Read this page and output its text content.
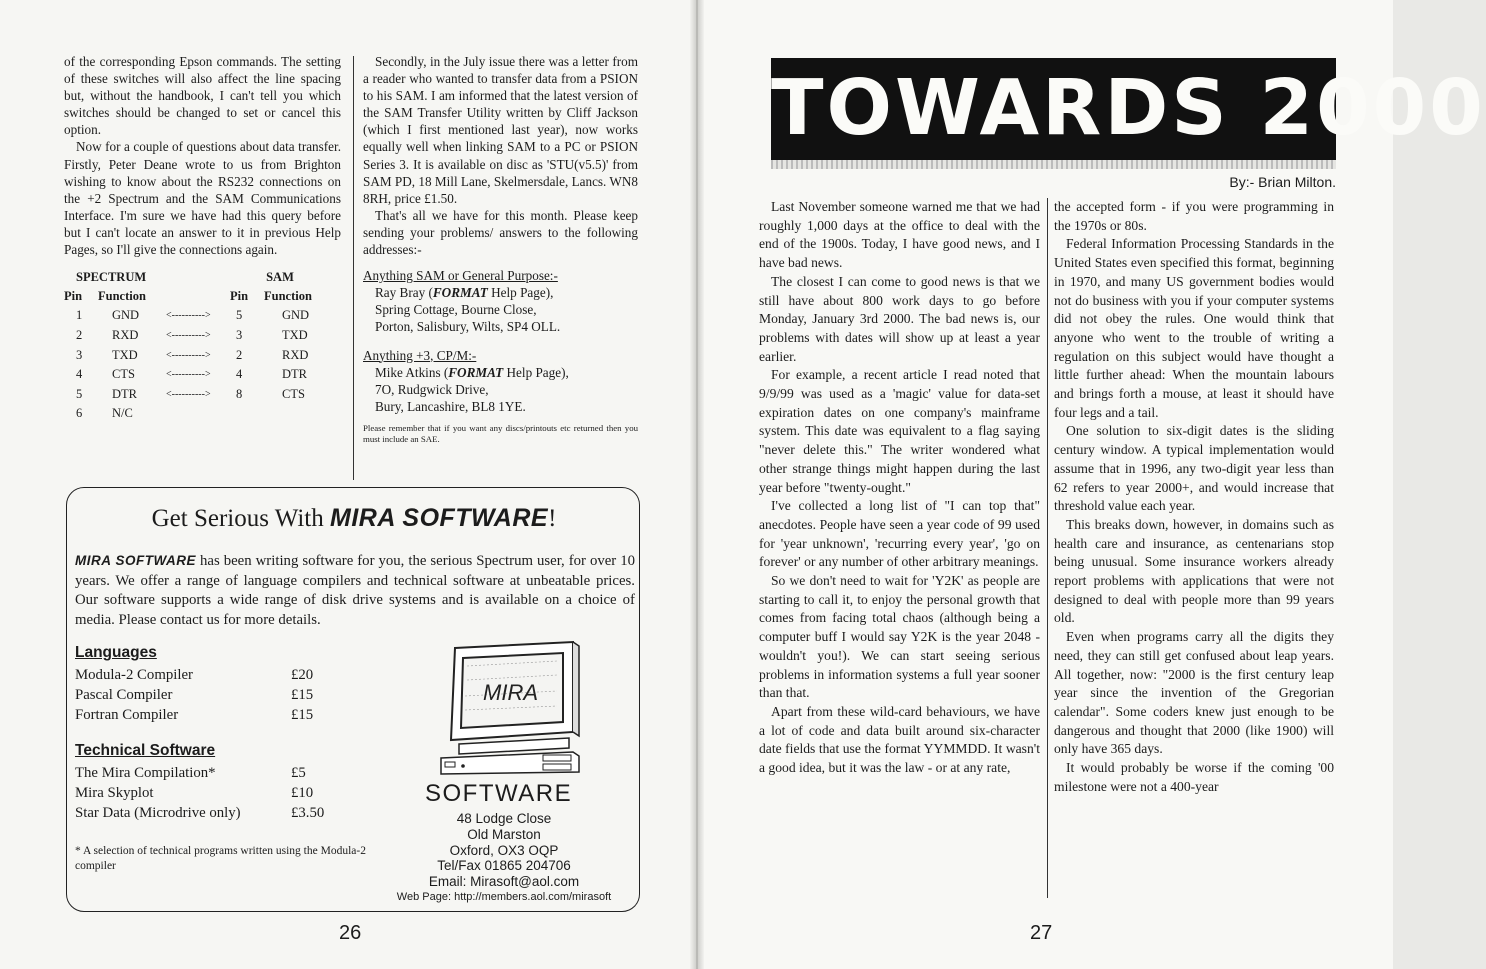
of the corresponding Epson commands. The setting of these switches will also affect the line spacing but, without the handbook, I can't tell you which switches should be changed to set or cancel this option.

Now for a couple of questions about data transfer. Firstly, Peter Deane wrote to us from Brighton wishing to know about the RS232 connections on the +2 Spectrum and the SAM Communications Interface. I'm sure we have had this query before but I can't locate an answer to it in previous Help Pages, so I'll give the connections again.

SPECTRUM			SAM	
Pin	Function		Pin	Function
1	GND	<---------->	5	GND
2	RXD	<---------->	3	TXD
3	TXD	<---------->	2	RXD
4	CTS	<---------->	4	DTR
5	DTR	<---------->	8	CTS
6	N/C			

Secondly, in the July issue there was a letter from a reader who wanted to transfer data from a PSION to his SAM. I am informed that the latest version of the SAM Transfer Utility written by Cliff Jackson (which I first mentioned last year), now works equally well when linking SAM to a PC or PSION Series 3. It is available on disc as 'STU(v5.5)' from SAM PD, 18 Mill Lane, Skelmersdale, Lancs. WN8 8RH, price £1.50.

That's all we have for this month. Please keep sending your problems/ answers to the following addresses:-

Anything SAM or General Purpose:-
Ray Bray (FORMAT Help Page),
Spring Cottage, Bourne Close,
Porton, Salisbury, Wilts, SP4 OLL.
Anything +3, CP/M:-
Mike Atkins (FORMAT Help Page),
7O, Rudgwick Drive,
Bury, Lancashire, BL8 1YE.

Please remember that if you want any discs/printouts etc returned then you must include an SAE.

Get Serious With MIRA SOFTWARE!
MIRA SOFTWARE has been writing software for you, the serious Spectrum user, for over 10 years. We offer a range of language compilers and technical software at unbeatable prices. Our software supports a wide range of disk drive systems and is available on a choice of media. Please contact us for more details.
Languages
Modula-2 Compiler	£20
Pascal Compiler	£15
Fortran Compiler	£15
Technical Software
The Mira Compilation*	£5
Mira Skyplot	£10
Star Data (Microdrive only)	£3.50
* A selection of technical programs written using the Modula-2 compiler
MIRA
SOFTWARE
48 Lodge Close
Old Marston
Oxford, OX3 OQP
Tel/Fax 01865 204706
Email: Mirasoft@aol.com
Web Page: http://members.aol.com/mirasoft
26
TOWARDS 2000
By:- Brian Milton.

Last November someone warned me that we had roughly 1,000 days at the office to deal with the end of the 1900s. Today, I have good news, and I have bad news.

The closest I can come to good news is that we still have about 800 work days to go before Monday, January 3rd 2000. The bad news is, our problems with dates will show up at least a year earlier.

For example, a recent article I read noted that 9/9/99 was used as a 'magic' value for data-set expiration dates on one company's mainframe system. This date was equivalent to a flag saying "never delete this." The writer wondered what other strange things might happen during the last year before "twenty-ought."

I've collected a long list of "I can top that" anecdotes. People have seen a year code of 99 used for 'year unknown', 'recurring every year', 'go on forever' or any number of other arbitrary meanings.

So we don't need to wait for 'Y2K' as people are starting to call it, to enjoy the personal growth that comes from facing total chaos (although being a computer buff I would say Y2K is the year 2048 - wouldn't you!). We can start seeing serious problems in information systems a full year sooner than that.

Apart from these wild-card behaviours, we have a lot of code and data built around six-character date fields that use the format YYMMDD. It wasn't a good idea, but it was the law - or at any rate,

the accepted form - if you were programming in the 1970s or 80s.

Federal Information Processing Standards in the United States even specified this format, beginning in 1970, and many US government bodies would not do business with you if your computer systems did not obey the rules. One would think that anyone who went to the trouble of writing a regulation on this subject would have thought a little further ahead: When the mountain labours and brings forth a mouse, at least it should have four legs and a tail.

One solution to six-digit dates is the sliding century window. A typical implementation would assume that in 1996, any two-digit year less than 62 refers to year 2000+, and would increase that threshold value each year.

This breaks down, however, in domains such as health care and insurance, as centenarians stop being unusual. Some insurance workers already report problems with applications that were not designed to deal with people more than 99 years old.

Even when programs carry all the digits they need, they can still get confused about leap years. All together, now: "2000 is the first century leap year since the invention of the Gregorian calendar". Some coders knew just enough to be dangerous and thought that 2000 (like 1900) will only have 365 days.

It would probably be worse if the coming '00 milestone were not a 400-year

27
